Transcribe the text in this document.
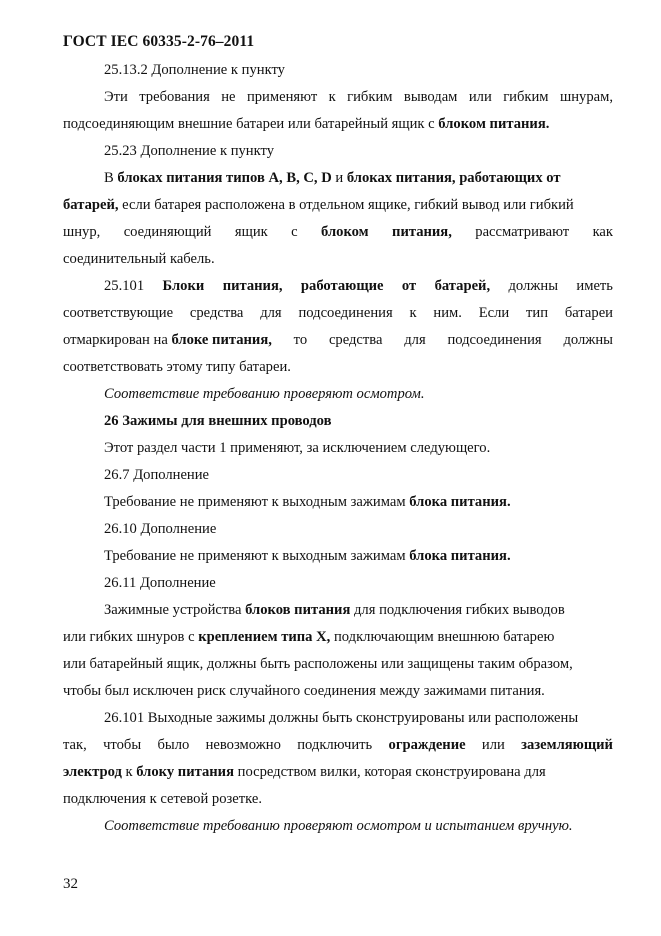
ГОСТ IEC 60335-2-76–2011
25.13.2 Дополнение к пункту
Эти требования не применяют к гибким выводам или гибким шнурам,
подсоединяющим внешние батареи или батарейный ящик с блоком питания.
25.23 Дополнение к пункту
В блоках питания типов А, В, С, D и блоках питания, работающих от
батарей, если батарея расположена в отдельном ящике, гибкий вывод или гибкий
шнур, соединяющий ящик с блоком питания, рассматривают как
соединительный кабель.
25.101 Блоки питания, работающие от батарей, должны иметь
соответствующие средства для подсоединения к ним. Если тип батареи
отмаркирован на блоке питания, то средства для подсоединения должны
соответствовать этому типу батареи.
Соответствие требованию проверяют осмотром.
26 Зажимы для внешних проводов
Этот раздел части 1 применяют, за исключением следующего.
26.7 Дополнение
Требование не применяют к выходным зажимам блока питания.
26.10 Дополнение
Требование не применяют к выходным зажимам блока питания.
26.11 Дополнение
Зажимные устройства блоков питания для подключения гибких выводов
или гибких шнуров с креплением типа Х, подключающим внешнюю батарею
или батарейный ящик, должны быть расположены или защищены таким образом,
чтобы был исключен риск случайного соединения между зажимами питания.
26.101 Выходные зажимы должны быть сконструированы или расположены
так, чтобы было невозможно подключить ограждение или заземляющий
электрод к блоку питания посредством вилки, которая сконструирована для
подключения к сетевой розетке.
Соответствие требованию проверяют осмотром и испытанием вручную.
32
